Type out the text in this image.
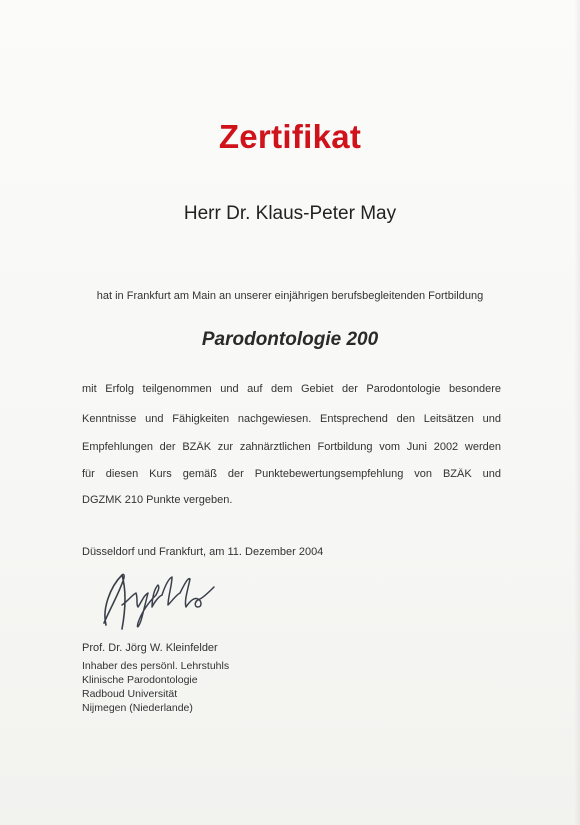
Zertifikat
Herr Dr. Klaus-Peter May
hat in Frankfurt am Main an unserer einjährigen berufsbegleitenden Fortbildung
Parodontologie 200
mit Erfolg teilgenommen und auf dem Gebiet der Parodontologie besondere
Kenntnisse und Fähigkeiten nachgewiesen. Entsprechend den Leitsätzen und
Empfehlungen der BZÄK zur zahnärztlichen Fortbildung vom Juni 2002 werden
für diesen Kurs gemäß der Punktebewertungsempfehlung von BZÄK und
DGZMK 210 Punkte vergeben.
Düsseldorf und Frankfurt, am 11. Dezember 2004
Prof. Dr. Jörg W. Kleinfelder
Inhaber des persönl. Lehrstuhls
Klinische Parodontologie
Radboud Universität
Nijmegen (Niederlande)
